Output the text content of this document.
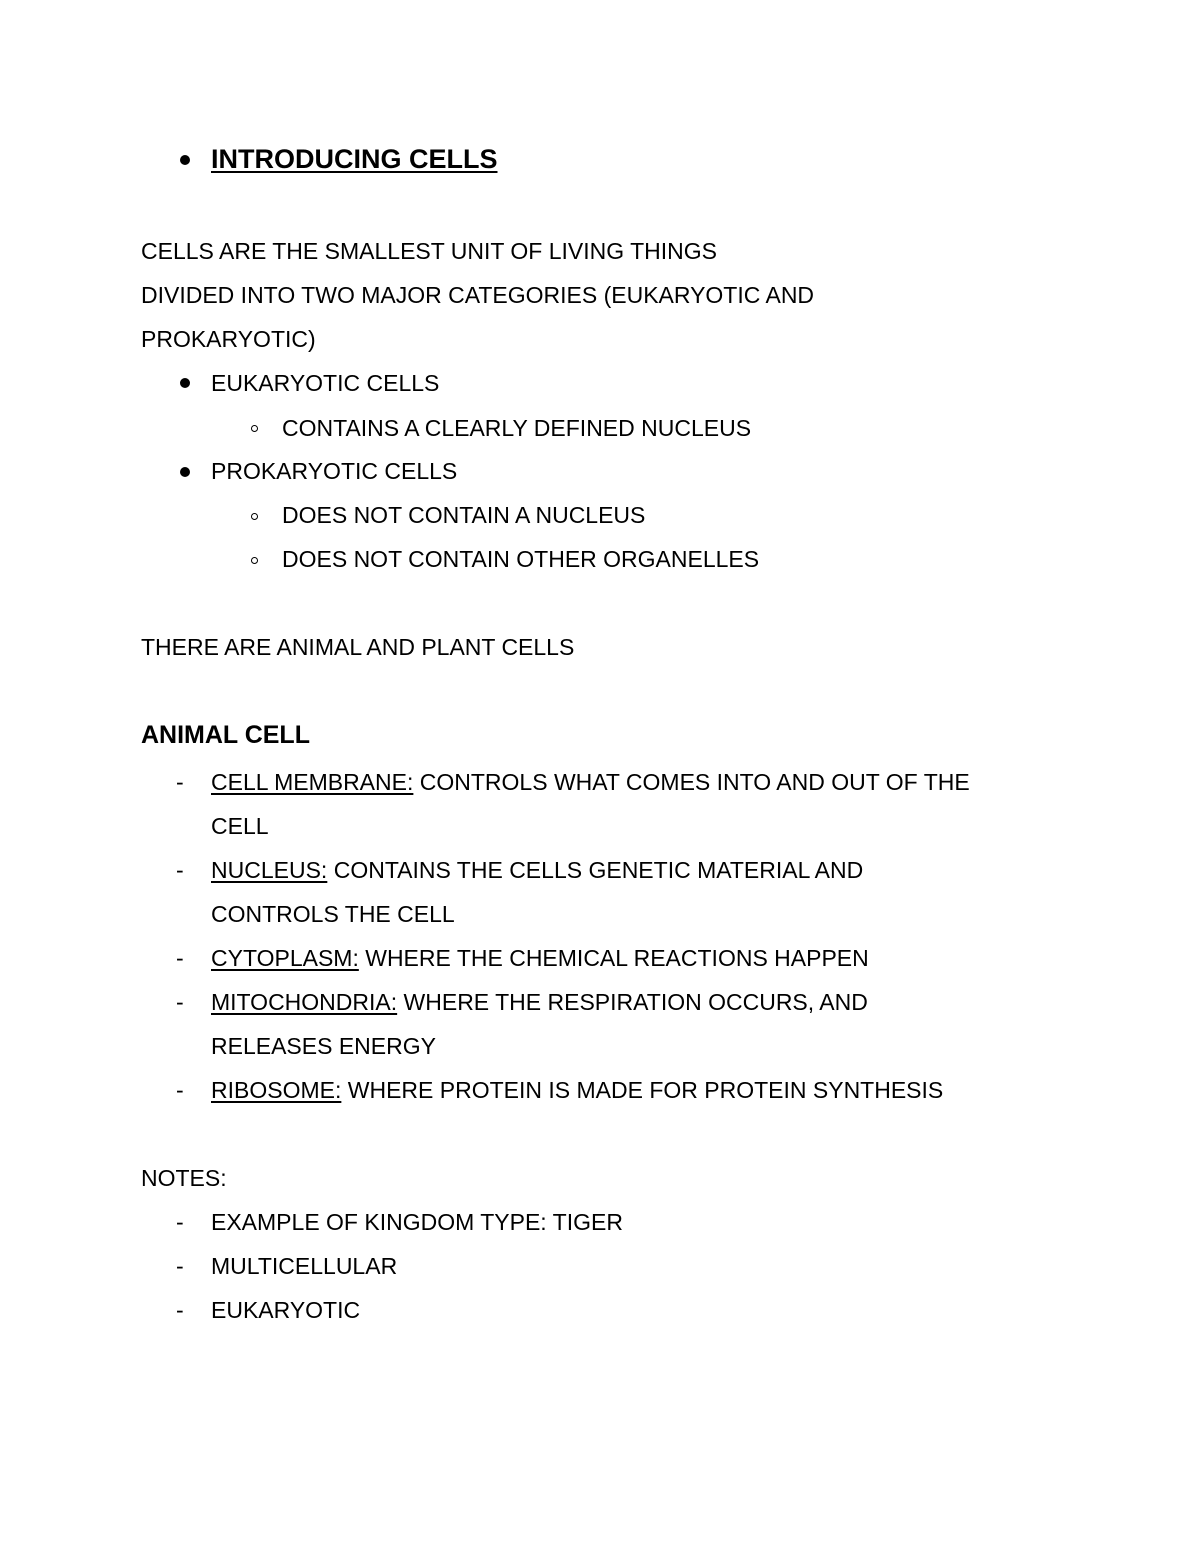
INTRODUCING CELLS
CELLS ARE THE SMALLEST UNIT OF LIVING THINGS
DIVIDED INTO TWO MAJOR CATEGORIES (EUKARYOTIC AND
PROKARYOTIC)
EUKARYOTIC CELLS
CONTAINS A CLEARLY DEFINED NUCLEUS
PROKARYOTIC CELLS
DOES NOT CONTAIN A NUCLEUS
DOES NOT CONTAIN OTHER ORGANELLES
THERE ARE ANIMAL AND PLANT CELLS
ANIMAL CELL
- CELL MEMBRANE: CONTROLS WHAT COMES INTO AND OUT OF THE
CELL
- NUCLEUS: CONTAINS THE CELLS GENETIC MATERIAL AND
CONTROLS THE CELL
- CYTOPLASM: WHERE THE CHEMICAL REACTIONS HAPPEN
- MITOCHONDRIA: WHERE THE RESPIRATION OCCURS, AND
RELEASES ENERGY
- RIBOSOME: WHERE PROTEIN IS MADE FOR PROTEIN SYNTHESIS
NOTES:
- EXAMPLE OF KINGDOM TYPE: TIGER
- MULTICELLULAR
- EUKARYOTIC
